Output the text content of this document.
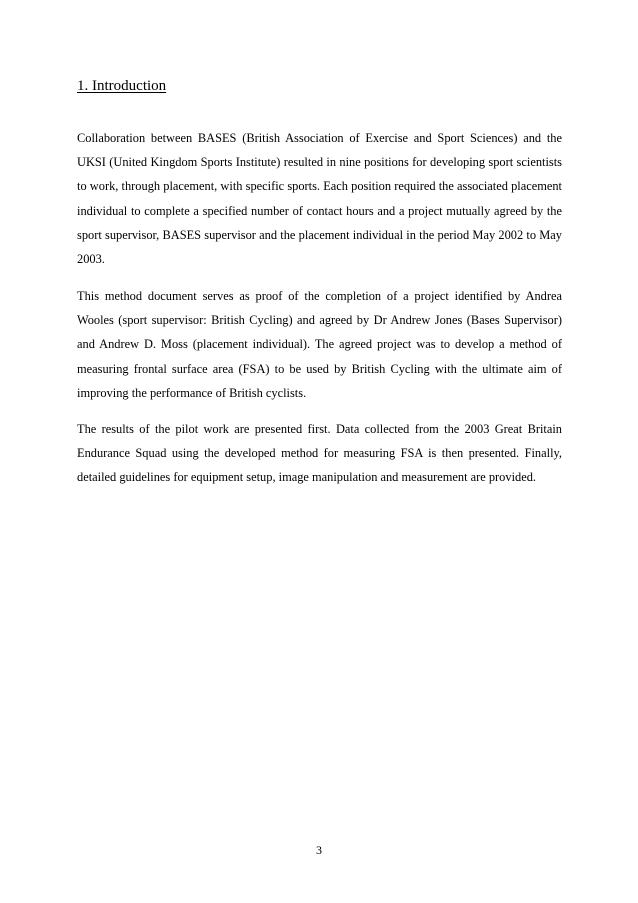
1. Introduction

Collaboration between BASES (British Association of Exercise and Sport Sciences) and the UKSI (United Kingdom Sports Institute) resulted in nine positions for developing sport scientists to work, through placement, with specific sports. Each position required the associated placement individual to complete a specified number of contact hours and a project mutually agreed by the sport supervisor, BASES supervisor and the placement individual in the period May 2002 to May 2003.

This method document serves as proof of the completion of a project identified by Andrea Wooles (sport supervisor: British Cycling) and agreed by Dr Andrew Jones (Bases Supervisor) and Andrew D. Moss (placement individual). The agreed project was to develop a method of measuring frontal surface area (FSA) to be used by British Cycling with the ultimate aim of improving the performance of British cyclists.

The results of the pilot work are presented first. Data collected from the 2003 Great Britain Endurance Squad using the developed method for measuring FSA is then presented. Finally, detailed guidelines for equipment setup, image manipulation and measurement are provided.

3
